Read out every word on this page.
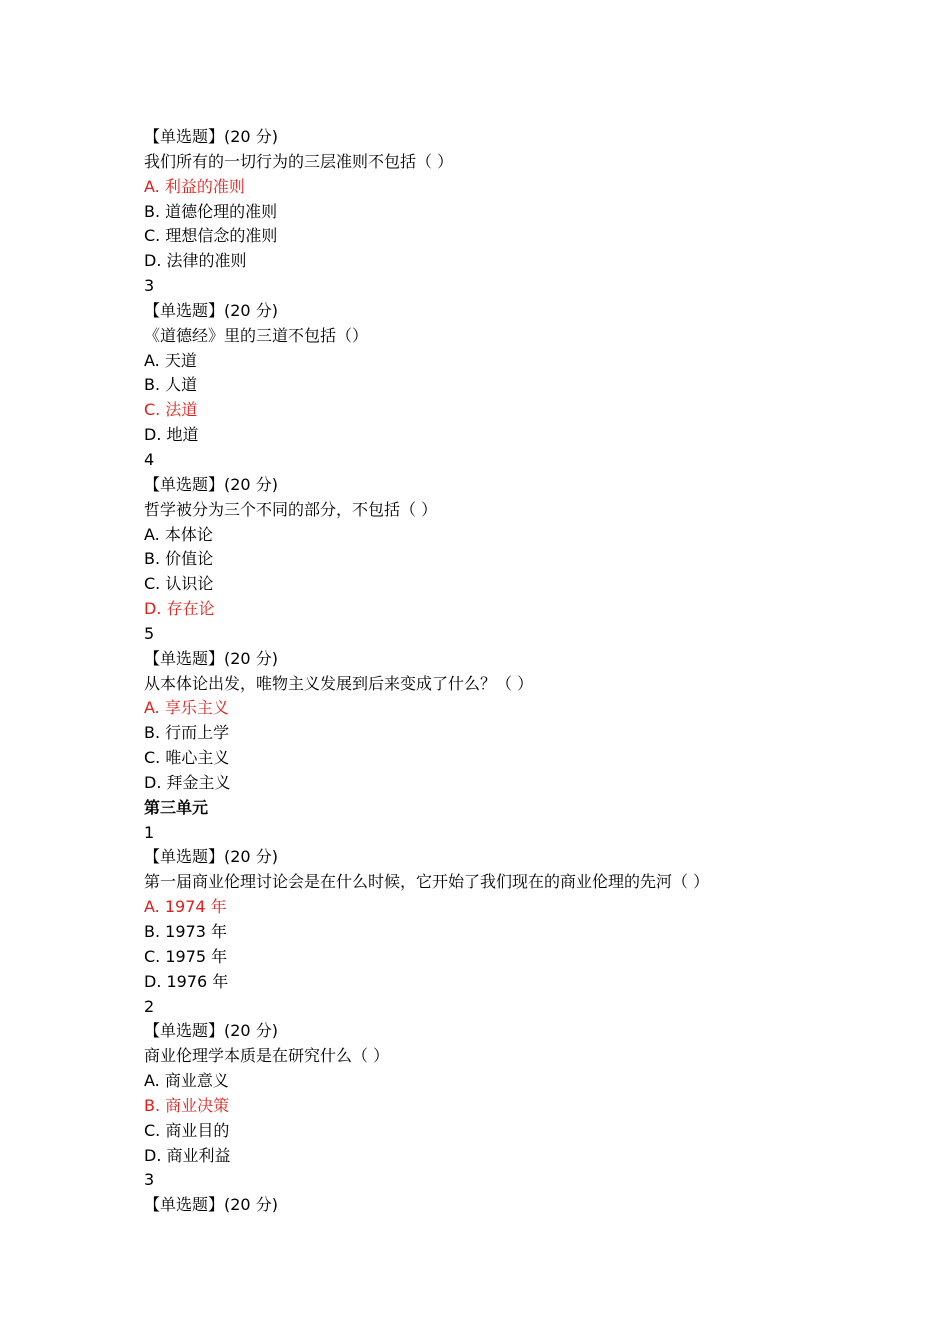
【单选题】(20 分)
我们所有的一切行为的三层准则不包括（ ）
A. 利益的准则
B. 道德伦理的准则
C. 理想信念的准则
D. 法律的准则
3
【单选题】(20 分)
《道德经》里的三道不包括（）
A. 天道
B. 人道
C. 法道
D. 地道
4
【单选题】(20 分)
哲学被分为三个不同的部分，不包括（ ）
A. 本体论
B. 价值论
C. 认识论
D. 存在论
5
【单选题】(20 分)
从本体论出发，唯物主义发展到后来变成了什么？（ ）
A. 享乐主义
B. 行而上学
C. 唯心主义
D. 拜金主义
第三单元
1
【单选题】(20 分)
第一届商业伦理讨论会是在什么时候，它开始了我们现在的商业伦理的先河（ ）
A. 1974 年
B. 1973 年
C. 1975 年
D. 1976 年
2
【单选题】(20 分)
商业伦理学本质是在研究什么（ ）
A. 商业意义
B. 商业决策
C. 商业目的
D. 商业利益
3
【单选题】(20 分)
